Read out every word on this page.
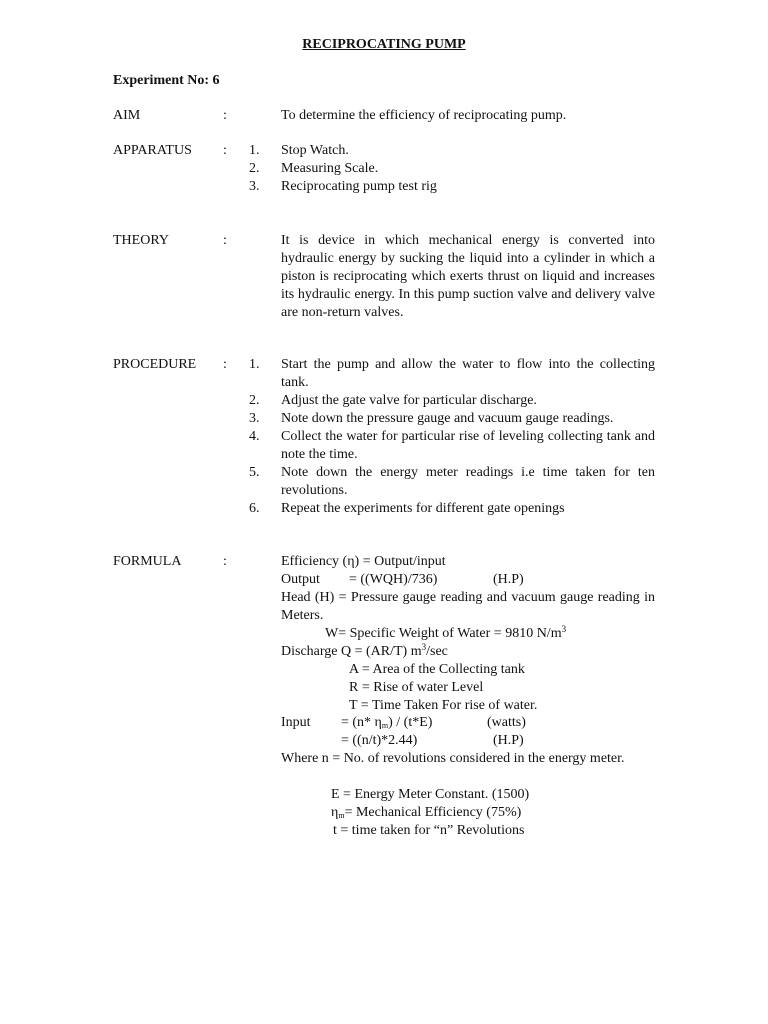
RECIPROCATING PUMP
Experiment No: 6
AIM	:	To determine the efficiency of reciprocating pump.
APPARATUS : 1. Stop Watch.
2. Measuring Scale.
3. Reciprocating pump test rig
THEORY	:	It is device in which mechanical energy is converted into hydraulic energy by sucking the liquid into a cylinder in which a piston is reciprocating which exerts thrust on liquid and increases its hydraulic energy. In this pump suction valve and delivery valve are non-return valves.

PROCEDURE : 1. Start the pump and allow the water to flow into the collecting tank.
2. Adjust the gate valve for particular discharge.
3. Note down the pressure gauge and vacuum gauge readings.
4. Collect the water for particular rise of leveling collecting tank and note the time.
5. Note down the energy meter readings i.e time taken for ten revolutions.
6. Repeat the experiments for different gate openings
FORMULA	:	Efficiency (η) = Output/input
Output = ((WQH)/736)	(H.P)
Head (H) = Pressure gauge reading and vacuum gauge reading in Meters.
W= Specific Weight of Water = 9810 $N/m^3$
Discharge Q = (AR/T) $m^3/\sec$
A = Area of the Collecting tank
R = Rise of water Level
T = Time Taken For rise of water.
Input = (n* $\eta_m) / (t*E)$	(watts)
= ((n/t)*2.44)	(H.P)
Where n = No. of revolutions considered in the energy meter.
E = Energy Meter Constant. (1500)
$\eta_m=$ Mechanical Efficiency (75%)
t = time taken for “n” Revolutions
